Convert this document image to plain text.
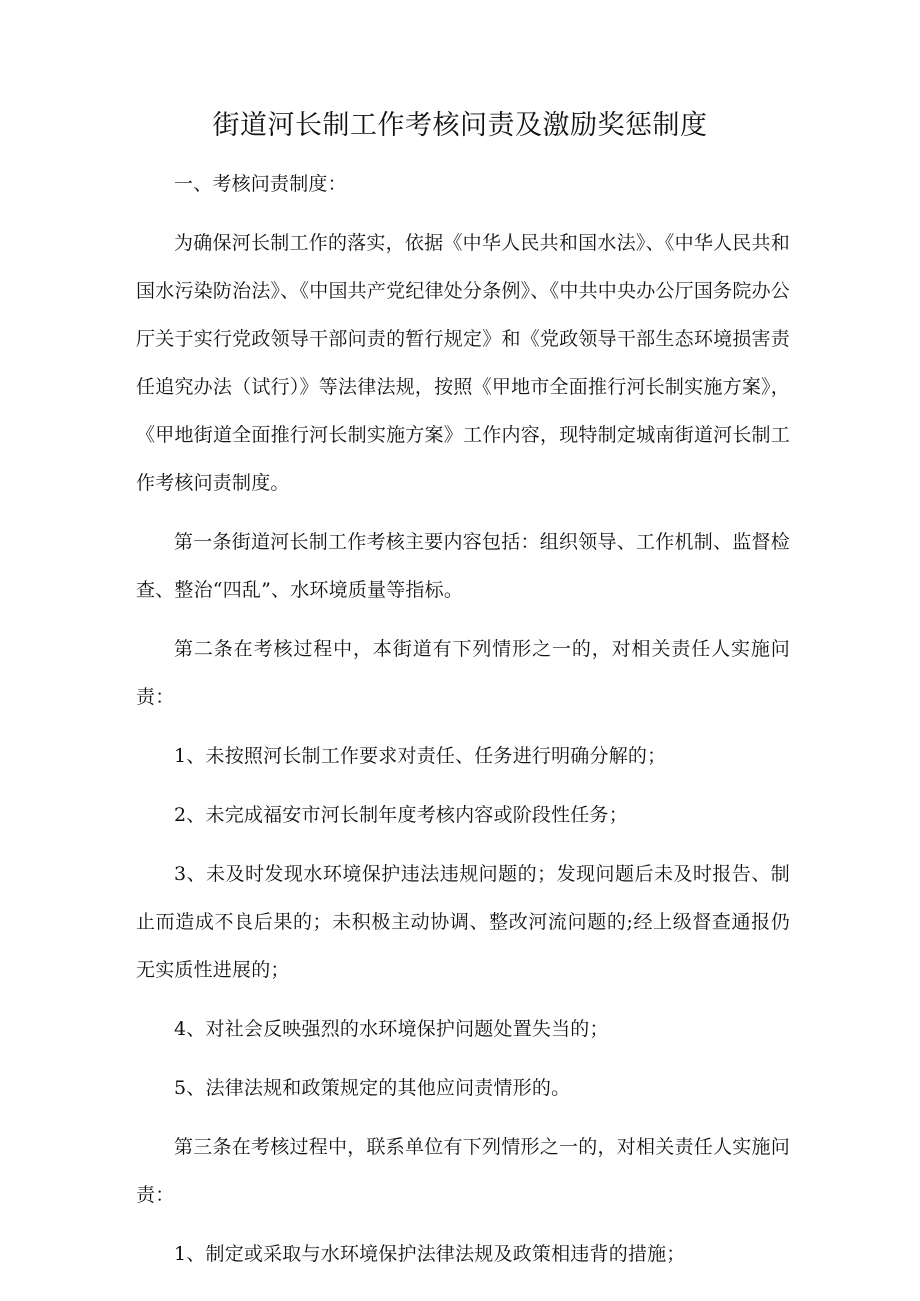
街道河长制工作考核问责及激励奖惩制度

一、考核问责制度：

为确保河长制工作的落实，依据《中华人民共和国水法》、《中华人民共和国水污染防治法》、《中国共产党纪律处分条例》、《中共中央办公厅国务院办公厅关于实行党政领导干部问责的暂行规定》和《党政领导干部生态环境损害责任追究办法（试行）》等法律法规，按照《甲地市全面推行河长制实施方案》，《甲地街道全面推行河长制实施方案》工作内容，现特制定城南街道河长制工作考核问责制度。

第一条街道河长制工作考核主要内容包括：组织领导、工作机制、监督检查、整治“四乱”、水环境质量等指标。

第二条在考核过程中，本街道有下列情形之一的，对相关责任人实施问责：

1、未按照河长制工作要求对责任、任务进行明确分解的；

2、未完成福安市河长制年度考核内容或阶段性任务；

3、未及时发现水环境保护违法违规问题的；发现问题后未及时报告、制止而造成不良后果的；未积极主动协调、整改河流问题的;经上级督查通报仍无实质性进展的；

4、对社会反映强烈的水环境保护问题处置失当的；

5、法律法规和政策规定的其他应问责情形的。

第三条在考核过程中，联系单位有下列情形之一的，对相关责任人实施问责：

1、制定或采取与水环境保护法律法规及政策相违背的措施；
